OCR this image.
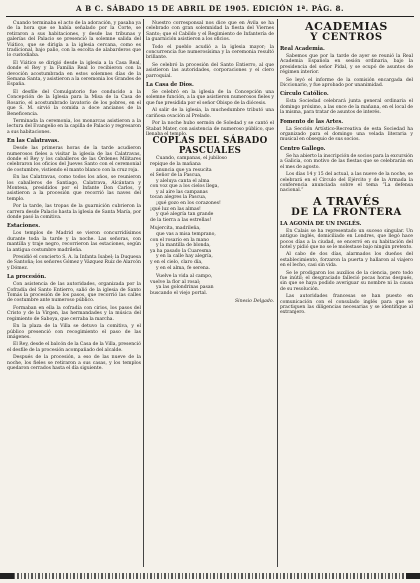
A B C. SÁBADO 15 DE ABRIL DE 1905. EDICIÓN 1ª. PÁG. 8.

Cuando terminaba el acto de la adoración, y pasaba ya de la hora que se había señalado por la Corte, se retiraron a sus habitaciones, y desde las tribunas y galerías del Palacio se presenció la solemne salida del Viático, que se dirigía a la iglesia cercana, como es tradicional, bajo palio, con la escolta de alabarderos que lo custodiaba.

El Viático se dirigió desde la iglesia a la Casa Real, donde el Rey y la Familia Real lo recibieron con la devoción acostumbrada en estos solemnes días de la Semana Santa, y asistieron a la ceremonia los Grandes de España.

El desfile del Comulgatorio fue conducido a la Concepción de la Iglesia para la Misa de la Casa de Rosario, el acostumbrado lavatorio de los pobres, en el que S. M. sirvió la comida a doce ancianos de la Beneficencia.

Terminada la ceremonia, los monarcas asistieron a la lectura del Evangelio en la capilla de Palacio y regresaron a sus habitaciones.

En las Calatravas.

Desde las primeras horas de la tarde acudieron numerosos fieles a visitar la iglesia de las Calatravas, donde el Rey y los caballeros de las Órdenes Militares celebraron los oficios del Jueves Santo con el ceremonial de costumbre, vistiendo el manto blanco con la cruz roja.

En las Calatravas, como todos los años, se reunieron los caballeros de Santiago, Calatrava, Alcántara y Montesa, presididos por el Infante Don Carlos, y asistieron a la procesión que recorrió las naves del templo.

Por la tarde, las tropas de la guarnición cubrieron la carrera desde Palacio hasta la iglesia de Santa María, por donde pasó la comitiva.

Estaciones.

Los templos de Madrid se vieron concurridísimos durante toda la tarde y la noche. Las señoras, con mantilla y traje negro, recorrieron las estaciones, según la antigua costumbre madrileña.

Presidió el concierto S. A. la Infanta Isabel; la Duquesa de Santoña; los señores Gómez y Vázquez Ruiz de Alarcón y Dómez.

La procesión.

Con asistencia de las autoridades, organizada por la Cofradía del Santo Entierro, salió de la iglesia de Santo Tomás la procesión de los pasos, que recorrió las calles de costumbre ante numeroso público.

Formaban en ella la cofradía con cirios, los pasos del Cristo y de la Virgen, las hermandades y la música del regimiento de Saboya, que cerraba la marcha.

En la plaza de la Villa se detuvo la comitiva, y el público presenció con recogimiento el paso de las imágenes.

El Rey, desde el balcón de la Casa de la Villa, presenció el desfile de la procesión acompañado del alcalde.

Después de la procesión, a eso de las nueve de la noche, los fieles se retiraron a sus casas, y los templos quedaron cerrados hasta el día siguiente.

Nuestro corresponsal nos dice que en Ávila se ha celebrado con gran solemnidad la fiesta del Viernes Santo; que el Cabildo y el Regimiento de Infantería de la guarnición asistieron a los oficios.

Todo el pueblo acudió a la iglesia mayor; la concurrencia fue numerosísima y la ceremonia resultó brillante.

Se celebró la procesión del Santo Entierro, al que asistieron las autoridades, corporaciones y el clero parroquial.

La Casa de Dios.

Se celebró en la iglesia de la Concepción una solemne función, a la que asistieron numerosos fieles y que fue presidida por el señor Obispo de la diócesis.

Al salir de la iglesia, la muchedumbre tributó una cariñosa ovación al Prelado.

Por la noche hubo sermón de Soledad y se cantó el Stabat Mater, con asistencia de numeroso público, que llenaba el templo.

COPLAS DEL SÁBADO
PASCUALES

Cuando, campanas, el jubiloso

repique de la mañana

anuncia que ya resucita

el Señor de la Pascua,

y aleluya canta el alma

con voz que a los cielos llega,

y al aire las campanas

tocan alegres la Pascua,

¡qué gozo en los corazones!

¡qué luz en las almas!

y qué alegría tan grande

de la tierra a las estrellas!

Mujercita, madrileña,

que vas a misa temprano,

con el rosario en la mano

y la mantilla de blonda,

ya ha pasado la Cuaresma

y en la calle hay alegría,

y en el cielo, claro día,

y en el alma, fe serena.

Vuelve la vida al campo,

vuelve la flor al rosal;

ya las golondrinas pasan

buscando el viejo portal.

Sinesio Delgado.
ACADEMIAS
Y CENTROS
Real Academia.

Sabemos que por la tarde de ayer se reunió la Real Academia Española en sesión ordinaria, bajo la presidencia del señor Pidal, y se ocupó de asuntos de régimen interior.

Se leyó el informe de la comisión encargada del Diccionario, y fue aprobado por unanimidad.

Círculo Católico.

Esta Sociedad celebrará junta general ordinaria el domingo próximo, a las once de la mañana, en el local de la misma, para tratar de asuntos de interés.

Fomento de las Artes.

La Sección Artístico-Recreativa de esta Sociedad ha organizado para el domingo una velada literaria y musical en obsequio de sus socios.

Centro Gallego.

Se ha abierto la inscripción de socios para la excursión a Galicia, con motivo de las fiestas que se celebrarán en el mes de agosto.

Los días 14 y 15 del actual, a las nueve de la noche, se celebrará en el Círculo del Ejército y de la Armada la conferencia anunciada sobre el tema “La defensa nacional.”

A TRAVÉS
DE LA FRONTERA
LA AGONÍA DE UN INGLÉS.

En Calais se ha representado un suceso singular. Un antiguo inglés, domiciliado en Londres, que llegó hace pocos días a la ciudad, se encerró en su habitación del hotel y pidió que no se le molestase bajo ningún pretexto.

Al cabo de dos días, alarmados los dueños del establecimiento, forzaron la puerta y hallaron al viajero en el lecho, casi sin vida.

Se le prodigaron los auxilios de la ciencia, pero todo fue inútil; el desgraciado falleció pocas horas después, sin que se haya podido averiguar su nombre ni la causa de su resolución.

Las autoridades francesas se han puesto en comunicación con el consulado inglés para que se practiquen las diligencias necesarias y se identifique al extranjero.
